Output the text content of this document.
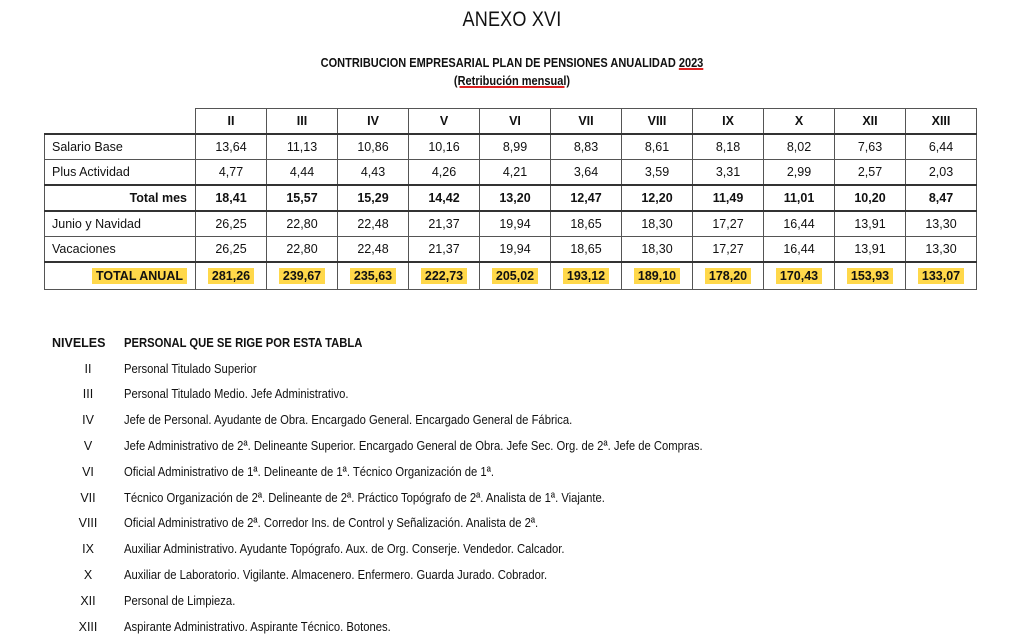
ANEXO XVI
CONTRIBUCION EMPRESARIAL PLAN DE PENSIONES ANUALIDAD 2023
(Retribución mensual)
	II	III	IV	V	VI	VII	VIII	IX	X	XII	XIII
Salario Base	13,64	11,13	10,86	10,16	8,99	8,83	8,61	8,18	8,02	7,63	6,44
Plus Actividad	4,77	4,44	4,43	4,26	4,21	3,64	3,59	3,31	2,99	2,57	2,03
Total mes	18,41	15,57	15,29	14,42	13,20	12,47	12,20	11,49	11,01	10,20	8,47
Junio y Navidad	26,25	22,80	22,48	21,37	19,94	18,65	18,30	17,27	16,44	13,91	13,30
Vacaciones	26,25	22,80	22,48	21,37	19,94	18,65	18,30	17,27	16,44	13,91	13,30
TOTAL ANUAL	281,26	239,67	235,63	222,73	205,02	193,12	189,10	178,20	170,43	153,93	133,07
NIVELES	PERSONAL QUE SE RIGE POR ESTA TABLA
II	Personal Titulado Superior
III	Personal Titulado Medio. Jefe Administrativo.
IV	Jefe de Personal. Ayudante de Obra. Encargado General. Encargado General de Fábrica.
V	Jefe Administrativo de 2ª. Delineante Superior. Encargado General de Obra. Jefe Sec. Org. de 2ª. Jefe de Compras.
VI	Oficial Administrativo de 1ª. Delineante de 1ª. Técnico Organización de 1ª.
VII	Técnico Organización de 2ª. Delineante de 2ª. Práctico Topógrafo de 2ª. Analista de 1ª. Viajante.
VIII	Oficial Administrativo de 2ª. Corredor Ins. de Control y Señalización. Analista de 2ª.
IX	Auxiliar Administrativo. Ayudante Topógrafo. Aux. de Org. Conserje. Vendedor. Calcador.
X	Auxiliar de Laboratorio. Vigilante. Almacenero. Enfermero. Guarda Jurado. Cobrador.
XII	Personal de Limpieza.
XIII	Aspirante Administrativo. Aspirante Técnico. Botones.
